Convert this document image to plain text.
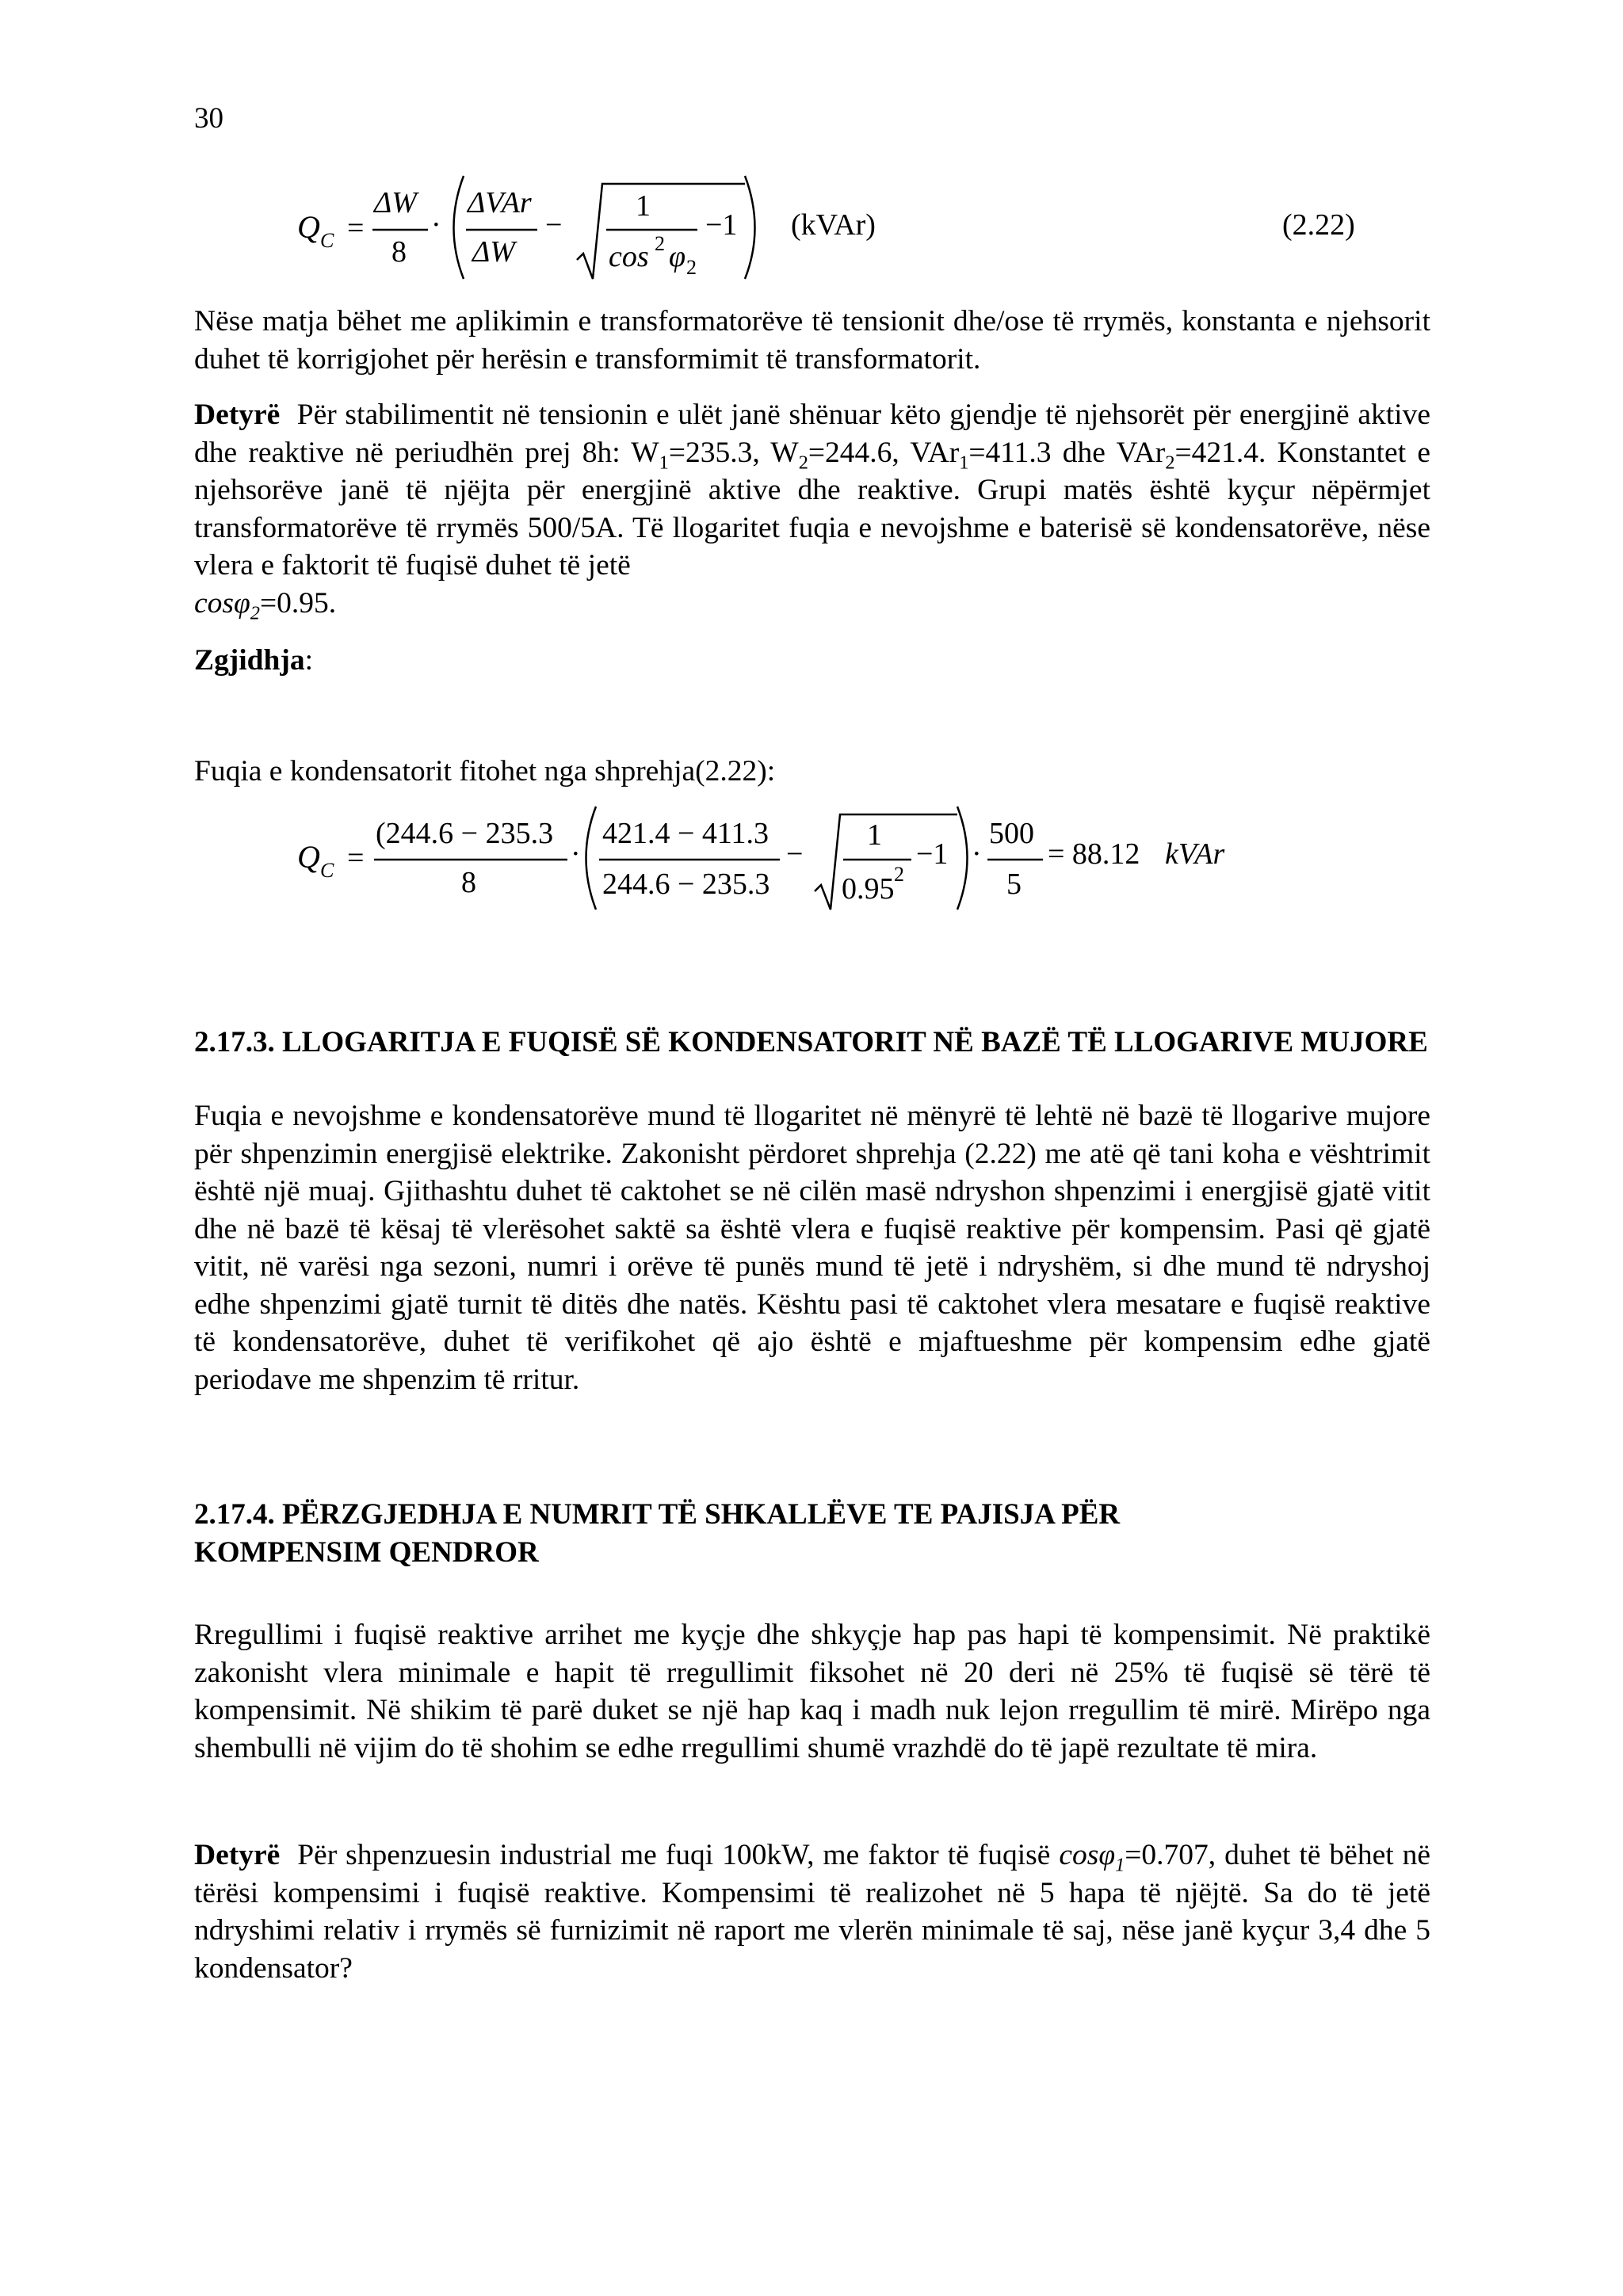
30
Q C =
ΔW
8
·
ΔVAr
ΔW
−
1
cos 2 φ 2
−1 (kVAr)	(2.22)
Nëse matja bëhet me aplikimin e transformatorëve të tensionit dhe/ose të rrymës, konstanta e njehsorit duhet të korrigjohet për herësin e transformimit të transformatorit.
Detyrë Për stabilimentit në tensionin e ulët janë shënuar këto gjendje të njehsorët për energjinë aktive dhe reaktive në periudhën prej 8h: $W_1=235.3$, $W_2=244.6$, VAr$_1$=411.3 dhe VAr$_2$=421.4. Konstantet e njehsorëve janë të njëjta për energjinë aktive dhe reaktive. Grupi matës është kyçur nëpërmjet transformatorëve të rrymës 500/5A. Të llogaritet fuqia e nevojshme e baterisë së kondensatorëve, nëse vlera e faktorit të fuqisë duhet të jetë
cosφ$_2$=0.95.
Zgjidhja:
Fuqia e kondensatorit fitohet nga shprehja(2.22):
Q C =
(244.6 − 235.3
8
·
421.4 − 411.3
244.6 − 235.3
−
1
0.95 2
−1 ·
500
5
= 88.12 kVAr
2.17.3. LLOGARITJA E FUQISË SË KONDENSATORIT NË BAZË TË LLOGARIVE MUJORE
Fuqia e nevojshme e kondensatorëve mund të llogaritet në mënyrë të lehtë në bazë të llogarive mujore për shpenzimin energjisë elektrike. Zakonisht përdoret shprehja (2.22) me atë që tani koha e vështrimit është një muaj. Gjithashtu duhet të caktohet se në cilën masë ndryshon shpenzimi i energjisë gjatë vitit dhe në bazë të kësaj të vlerësohet saktë sa është vlera e fuqisë reaktive për kompensim. Pasi që gjatë vitit, në varësi nga sezoni, numri i orëve të punës mund të jetë i ndryshëm, si dhe mund të ndryshoj edhe shpenzimi gjatë turnit të ditës dhe natës. Kështu pasi të caktohet vlera mesatare e fuqisë reaktive të kondensatorëve, duhet të verifikohet që ajo është e mjaftueshme për kompensim edhe gjatë periodave me shpenzim të rritur.
2.17.4. PËRZGJEDHJA E NUMRIT TË SHKALLËVE TE PAJISJA PËR
KOMPENSIM QENDROR
Rregullimi i fuqisë reaktive arrihet me kyçje dhe shkyçje hap pas hapi të kompensimit. Në praktikë zakonisht vlera minimale e hapit të rregullimit fiksohet në 20 deri në 25% të fuqisë së tërë të kompensimit. Në shikim të parë duket se një hap kaq i madh nuk lejon rregullim të mirë. Mirëpo nga shembulli në vijim do të shohim se edhe rregullimi shumë vrazhdë do të japë rezultate të mira.
Detyrë Për shpenzuesin industrial me fuqi 100kW, me faktor të fuqisë cosφ$_1$=0.707, duhet të bëhet në tërësi kompensimi i fuqisë reaktive. Kompensimi të realizohet në 5 hapa të njëjtë. Sa do të jetë ndryshimi relativ i rrymës së furnizimit në raport me vlerën minimale të saj, nëse janë kyçur 3,4 dhe 5 kondensator?
